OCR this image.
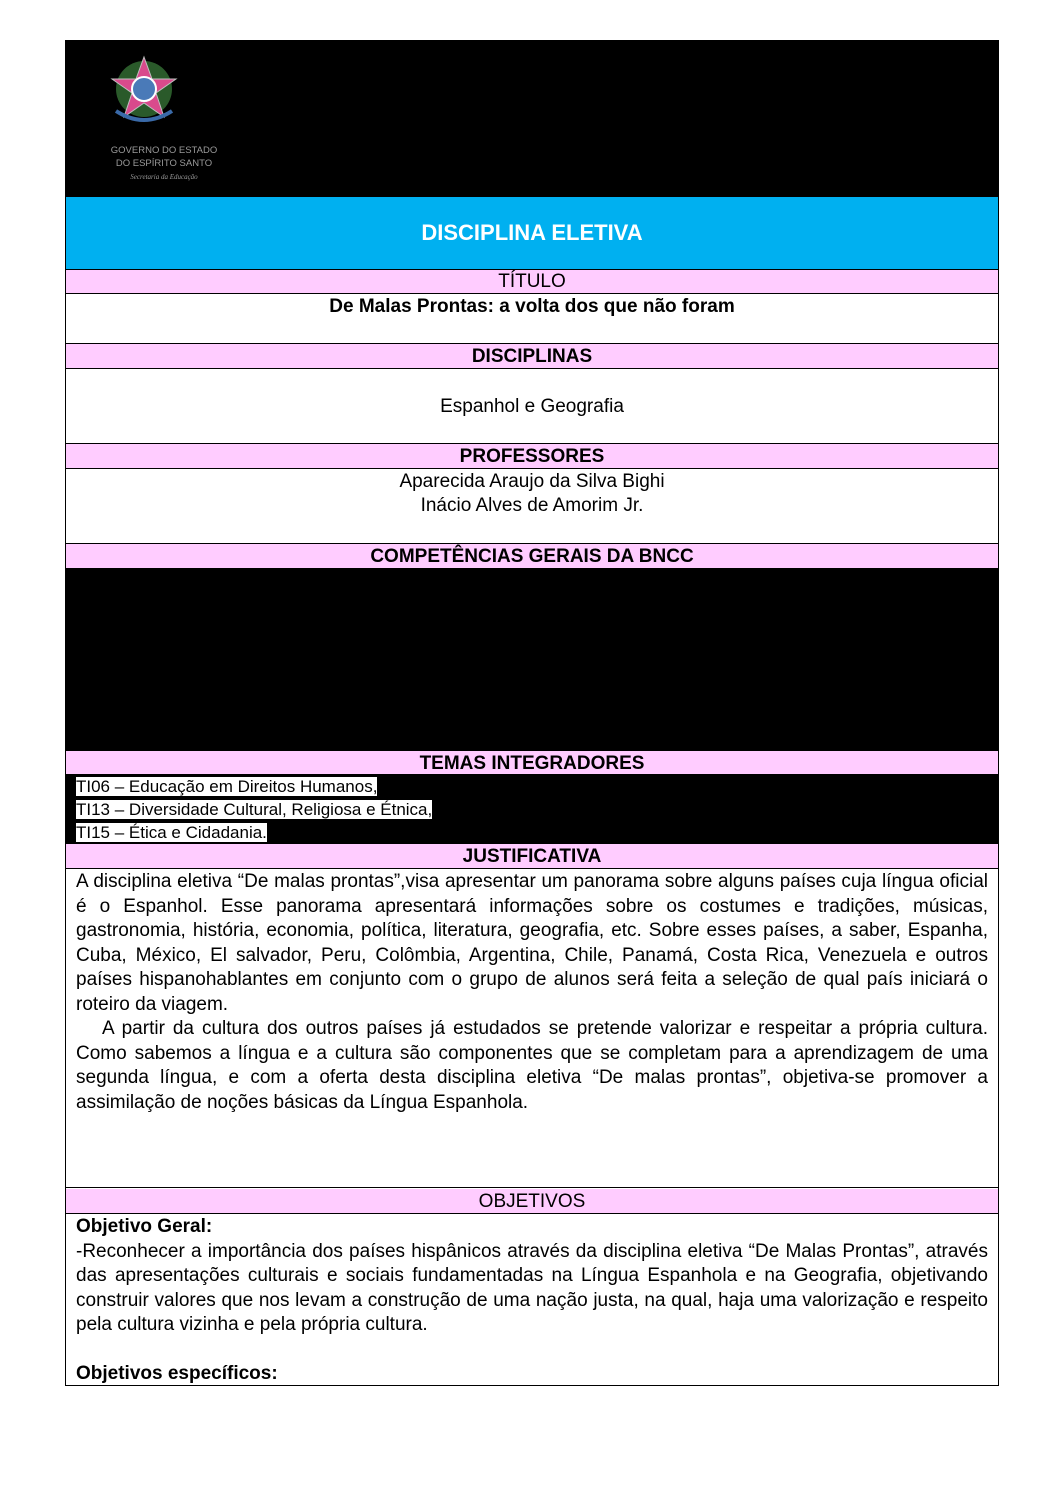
GOVERNO DO ESTADO
DO ESPÍRITO SANTO
Secretaria da Educação
DISCIPLINA ELETIVA
TÍTULO
De Malas Prontas: a volta dos que não foram
DISCIPLINAS
Espanhol e Geografia
PROFESSORES
Aparecida Araujo da Silva Bighi
Inácio Alves de Amorim Jr.
COMPETÊNCIAS GERAIS DA BNCC
TEMAS INTEGRADORES
TI06 – Educação em Direitos Humanos,
TI13 – Diversidade Cultural, Religiosa e Étnica,
TI15 – Ética e Cidadania.
JUSTIFICATIVA

A disciplina eletiva “De malas prontas”,visa apresentar um panorama sobre alguns países cuja língua oficial é o Espanhol. Esse panorama apresentará informações sobre os costumes e tradições, músicas, gastronomia, história, economia, política, literatura, geografia, etc. Sobre esses países, a saber, Espanha, Cuba, México, El salvador, Peru, Colômbia, Argentina, Chile, Panamá, Costa Rica, Venezuela e outros países hispanohablantes em conjunto com o grupo de alunos será feita a seleção de qual país iniciará o roteiro da viagem.

A partir da cultura dos outros países já estudados se pretende valorizar e respeitar a própria cultura. Como sabemos a língua e a cultura são componentes que se completam para a aprendizagem de uma segunda língua, e com a oferta desta disciplina eletiva “De malas prontas”, objetiva-se promover a assimilação de noções básicas da Língua Espanhola.

OBJETIVOS

Objetivo Geral:

-Reconhecer a importância dos países hispânicos através da disciplina eletiva “De Malas Prontas”, através das apresentações culturais e sociais fundamentadas na Língua Espanhola e na Geografia, objetivando construir valores que nos levam a construção de uma nação justa, na qual, haja uma valorização e respeito pela cultura vizinha e pela própria cultura.

Objetivos específicos:
